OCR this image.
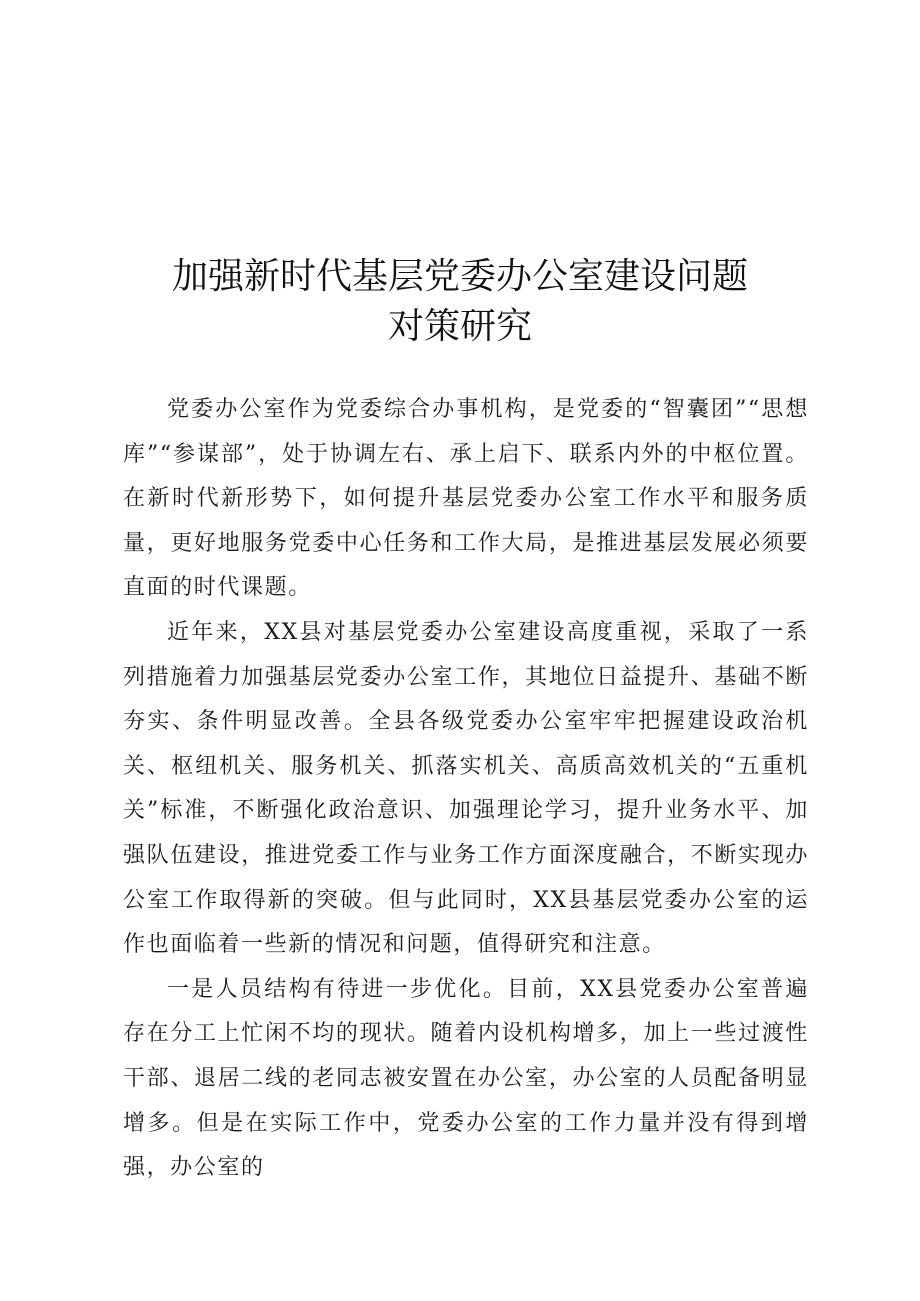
加强新时代基层党委办公室建设问题
对策研究

党委办公室作为党委综合办事机构，是党委的“智囊团”“思想库”“参谋部”，处于协调左右、承上启下、联系内外的中枢位置。在新时代新形势下，如何提升基层党委办公室工作水平和服务质量，更好地服务党委中心任务和工作大局，是推进基层发展必须要直面的时代课题。

近年来，XX县对基层党委办公室建设高度重视，采取了一系列措施着力加强基层党委办公室工作，其地位日益提升、基础不断夯实、条件明显改善。全县各级党委办公室牢牢把握建设政治机关、枢纽机关、服务机关、抓落实机关、高质高效机关的“五重机关”标准，不断强化政治意识、加强理论学习，提升业务水平、加强队伍建设，推进党委工作与业务工作方面深度融合，不断实现办公室工作取得新的突破。但与此同时，XX县基层党委办公室的运作也面临着一些新的情况和问题，值得研究和注意。

一是人员结构有待进一步优化。目前，XX县党委办公室普遍存在分工上忙闲不均的现状。随着内设机构增多，加上一些过渡性干部、退居二线的老同志被安置在办公室，办公室的人员配备明显增多。但是在实际工作中，党委办公室的工作力量并没有得到增强，办公室的
